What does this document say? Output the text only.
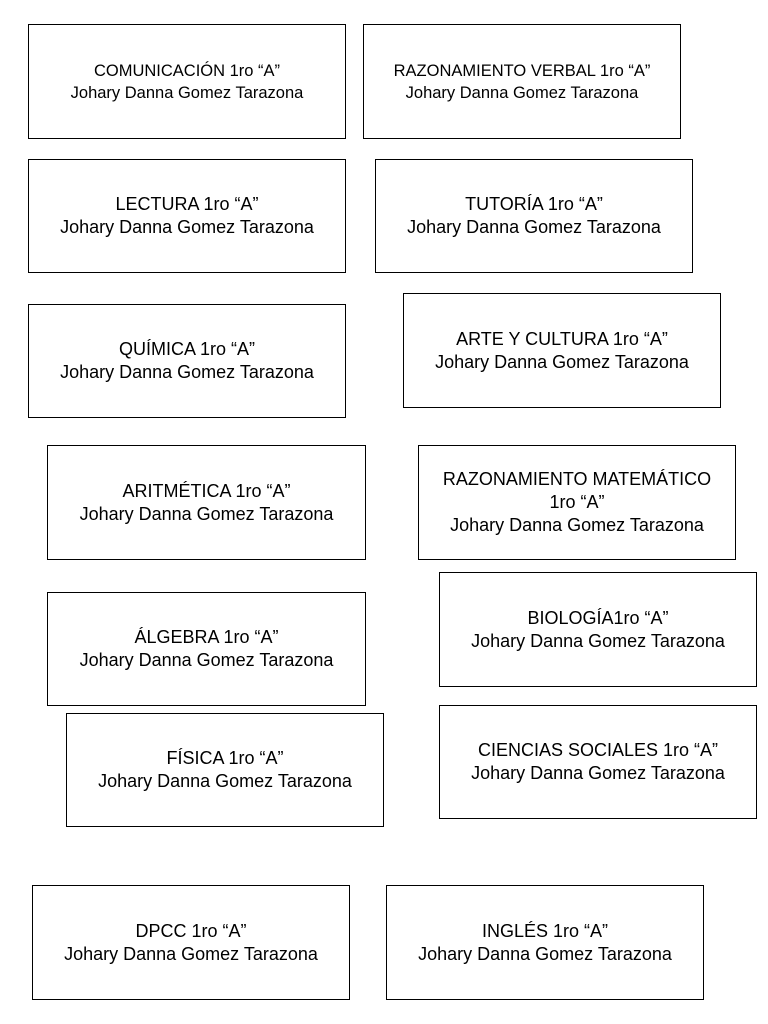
COMUNICACIÓN 1ro “A”
Johary Danna Gomez Tarazona
RAZONAMIENTO VERBAL 1ro “A”
Johary Danna Gomez Tarazona
LECTURA 1ro “A”
Johary Danna Gomez Tarazona
TUTORÍA 1ro “A”
Johary Danna Gomez Tarazona
QUÍMICA 1ro “A”
Johary Danna Gomez Tarazona
ARTE Y CULTURA 1ro “A”
Johary Danna Gomez Tarazona
ARITMÉTICA 1ro “A”
Johary Danna Gomez Tarazona
RAZONAMIENTO MATEMÁTICO
1ro “A”
Johary Danna Gomez Tarazona
ÁLGEBRA 1ro “A”
Johary Danna Gomez Tarazona
BIOLOGÍA1ro “A”
Johary Danna Gomez Tarazona
FÍSICA 1ro “A”
Johary Danna Gomez Tarazona
CIENCIAS SOCIALES 1ro “A”
Johary Danna Gomez Tarazona
DPCC 1ro “A”
Johary Danna Gomez Tarazona
INGLÉS 1ro “A”
Johary Danna Gomez Tarazona
